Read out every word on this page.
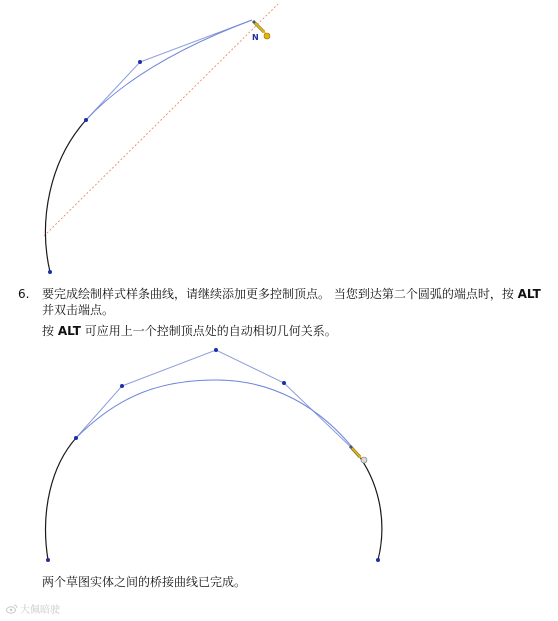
N
6.	要完成绘制样式样条曲线，请继续添加更多控制顶点。 当您到达第二个圆弧的端点时，按 ALT 并双击端点。
按 ALT 可应用上一个控制顶点处的自动相切几何关系。
两个草图实体之间的桥接曲线已完成。
大佩暗驶
